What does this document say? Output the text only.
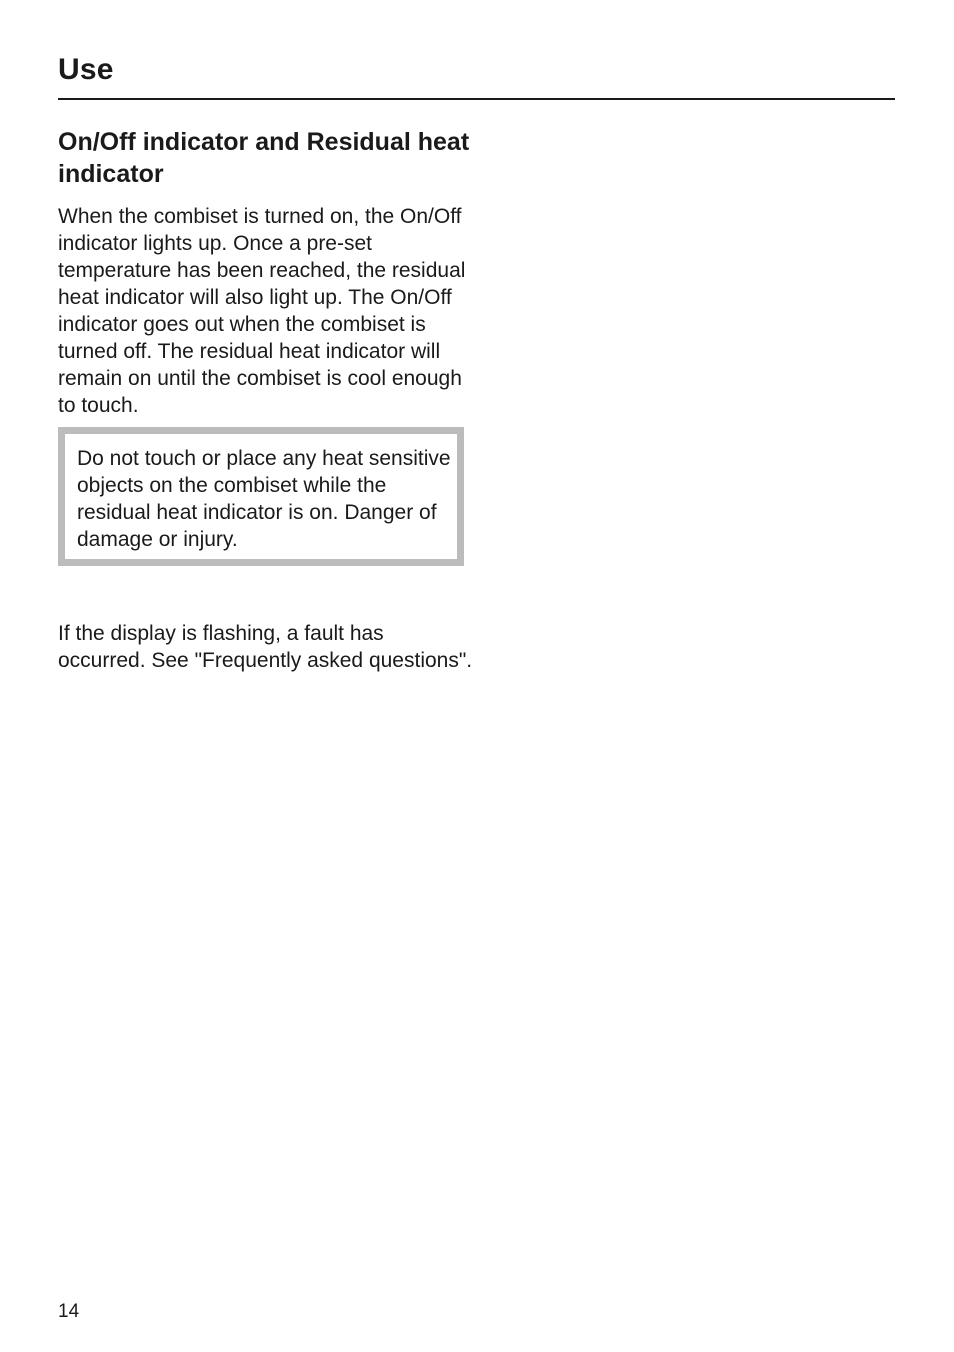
Use
On/Off indicator and Residual heat indicator

When the combiset is turned on, the On/Off indicator lights up. Once a pre-set temperature has been reached, the residual heat indicator will also light up. The On/Off indicator goes out when the combiset is turned off. The residual heat indicator will remain on until the combiset is cool enough to touch.

Do not touch or place any heat sensitive objects on the combiset while the residual heat indicator is on. Danger of damage or injury.

If the display is flashing, a fault has occurred. See "Frequently asked questions".

14
